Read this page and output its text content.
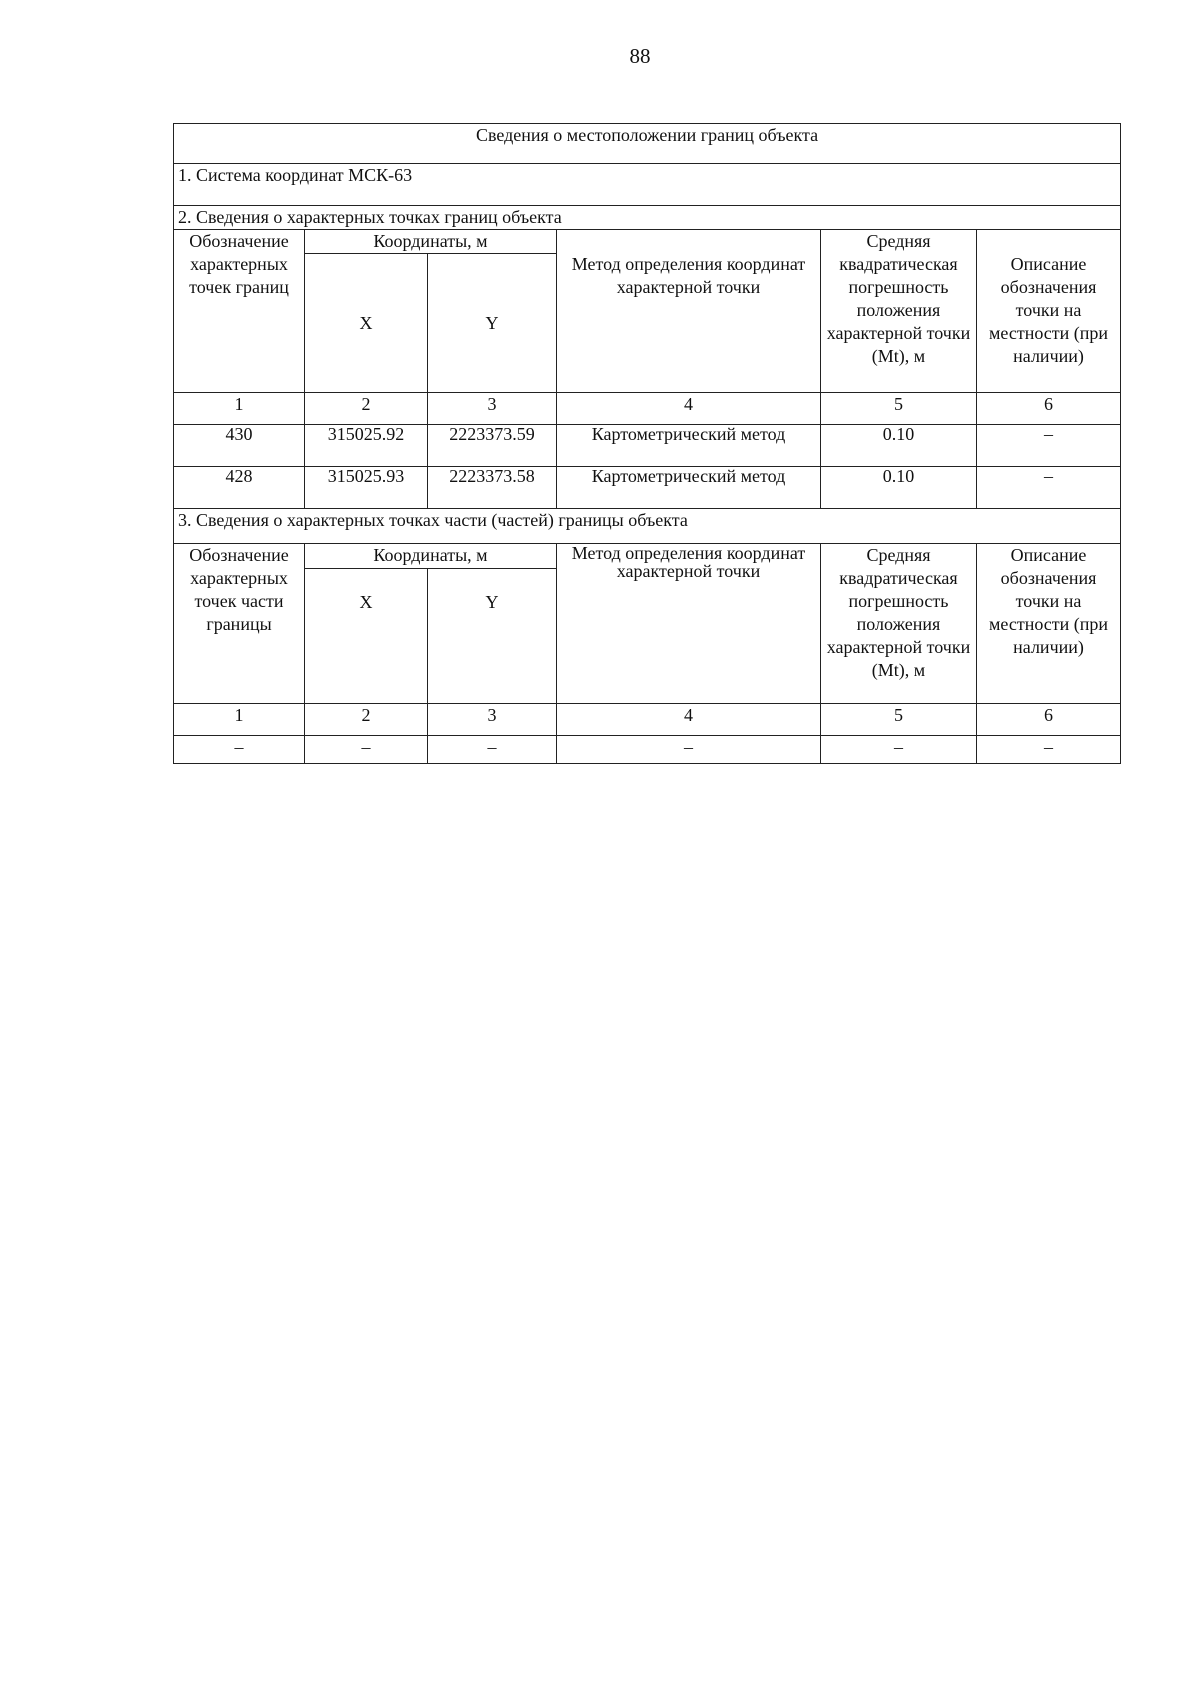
88
Сведения о местоположении границ объекта					
1. Система координат МСК-63					
2. Сведения о характерных точках границ объекта					
Обозначение характерных точек границ	Координаты, м		Метод определения координат характерной точки	Средняя квадратическая погрешность положения характерной точки (Mt), м	Описание обозначения точки на местности (при наличии)
	X	Y			
1	2	3	4	5	6
430	315025.92	2223373.59	Картометрический метод	0.10	–
428	315025.93	2223373.58	Картометрический метод	0.10	–
3. Сведения о характерных точках части (частей) границы объекта					
Обозначение характерных точек части границы	Координаты, м		Метод определения координат характерной точки	Средняя квадратическая погрешность положения характерной точки (Mt), м	Описание обозначения точки на местности (при наличии)
	X	Y			
1	2	3	4	5	6
–	–	–	–	–	–
